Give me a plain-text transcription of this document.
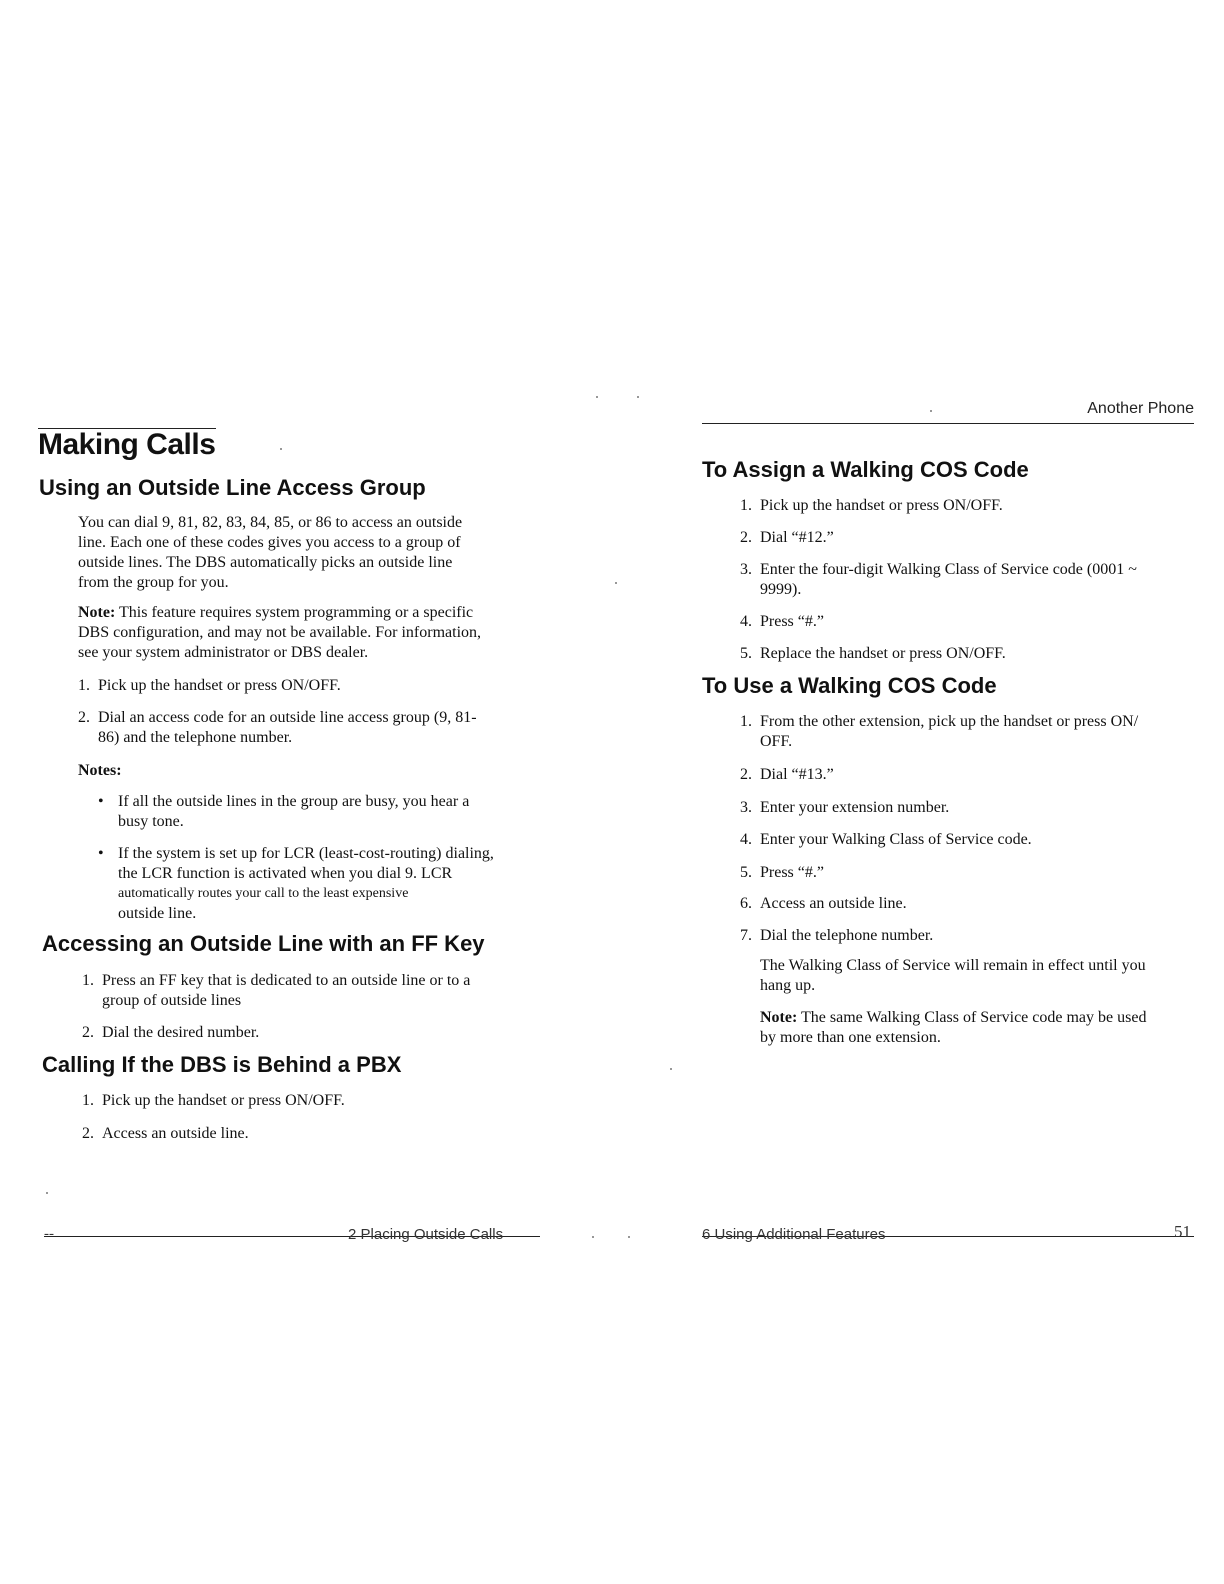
Making Calls
Using an Outside Line Access Group
You can dial 9, 81, 82, 83, 84, 85, or 86 to access an outside
line. Each one of these codes gives you access to a group of
outside lines. The DBS automatically picks an outside line
from the group for you.
Note: This feature requires system programming or a specific
DBS configuration, and may not be available. For information,
see your system administrator or DBS dealer.
1. Pick up the handset or press ON/OFF.
2. Dial an access code for an outside line access group (9, 81-
86) and the telephone number.
Notes:
• If all the outside lines in the group are busy, you hear a
busy tone.
• If the system is set up for LCR (least-cost-routing) dialing,
the LCR function is activated when you dial 9. LCR
automatically routes your call to the least expensive
outside line.
Accessing an Outside Line with an FF Key
1. Press an FF key that is dedicated to an outside line or to a
group of outside lines
2. Dial the desired number.
Calling If the DBS is Behind a PBX
1. Pick up the handset or press ON/OFF.
2. Access an outside line.
--	2 Placing Outside Calls
Another Phone
To Assign a Walking COS Code
1. Pick up the handset or press ON/OFF.
2. Dial “#12.”
3. Enter the four-digit Walking Class of Service code (0001 ~
9999).
4. Press “#.”
5. Replace the handset or press ON/OFF.
To Use a Walking COS Code
1. From the other extension, pick up the handset or press ON/
OFF.
2. Dial “#13.”
3. Enter your extension number.
4. Enter your Walking Class of Service code.
5. Press “#.”
6. Access an outside line.
7. Dial the telephone number.
The Walking Class of Service will remain in effect until you
hang up.
Note: The same Walking Class of Service code may be used
by more than one extension.
6 Using Additional Features	51
